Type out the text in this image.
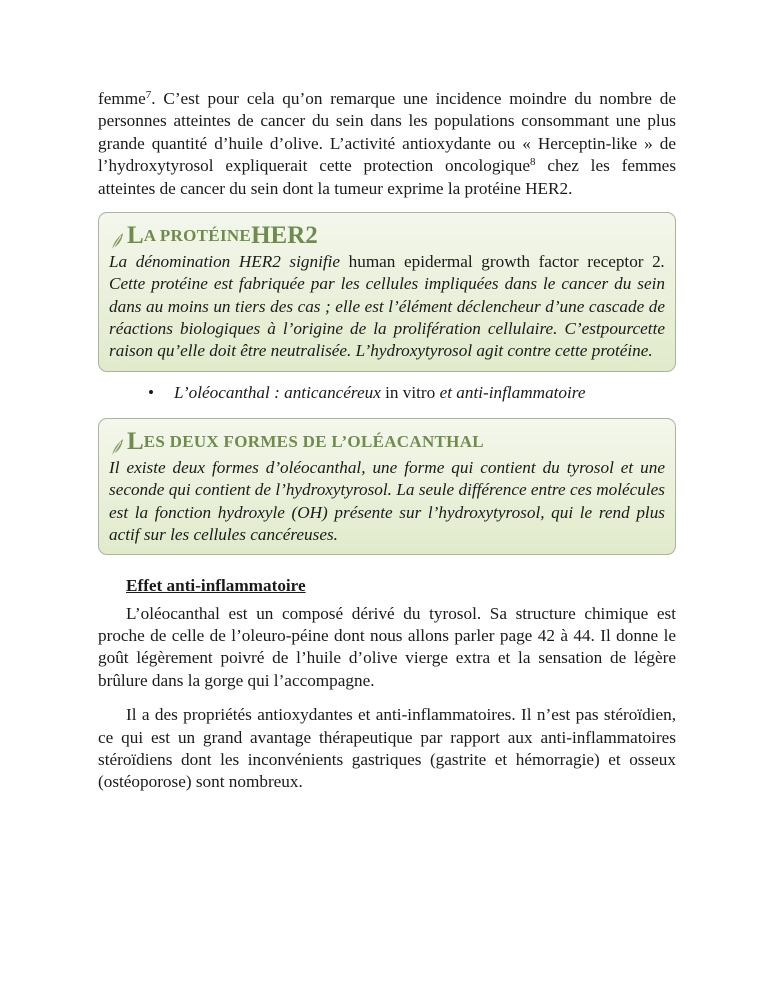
femme$^7$. C’est pour cela qu’on remarque une incidence moindre du nombre de personnes atteintes de cancer du sein dans les populations consommant une plus grande quantité d’huile d’olive. L’activité antioxydante ou « Herceptin-like » de l’hydroxytyrosol expliquerait cette protection oncologique$^8$ chez les femmes atteintes de cancer du sein dont la tumeur exprime la protéine HER2.

L A PROTÉINE HER2

La dénomination HER2 signifie human epidermal growth factor receptor 2. Cette protéine est fabriquée par les cellules impliquées dans le cancer du sein dans au moins un tiers des cas ; elle est l’élément déclencheur d’une cascade de réactions biologiques à l’origine de la prolifération cellulaire. C’estpourcette raison qu’elle doit être neutralisée. L’hydroxytyrosol agit contre cette protéine.

•	L’oléocanthal : anticancéreux in vitro et anti-inflammatoire
L ES DEUX FORMES DE L’OLÉACANTHAL

Il existe deux formes d’oléocanthal, une forme qui contient du tyrosol et une seconde qui contient de l’hydroxytyrosol. La seule différence entre ces molécules est la fonction hydroxyle (OH) présente sur l’hydroxytyrosol, qui le rend plus actif sur les cellules cancéreuses.

Effet anti-inflammatoire

L’oléocanthal est un composé dérivé du tyrosol. Sa structure chimique est proche de celle de l’oleuro-péine dont nous allons parler page 42 à 44. Il donne le goût légèrement poivré de l’huile d’olive vierge extra et la sensation de légère brûlure dans la gorge qui l’accompagne.

Il a des propriétés antioxydantes et anti-inflammatoires. Il n’est pas stéroïdien, ce qui est un grand avantage thérapeutique par rapport aux anti-inflammatoires stéroïdiens dont les inconvénients gastriques (gastrite et hémorragie) et osseux (ostéoporose) sont nombreux.
